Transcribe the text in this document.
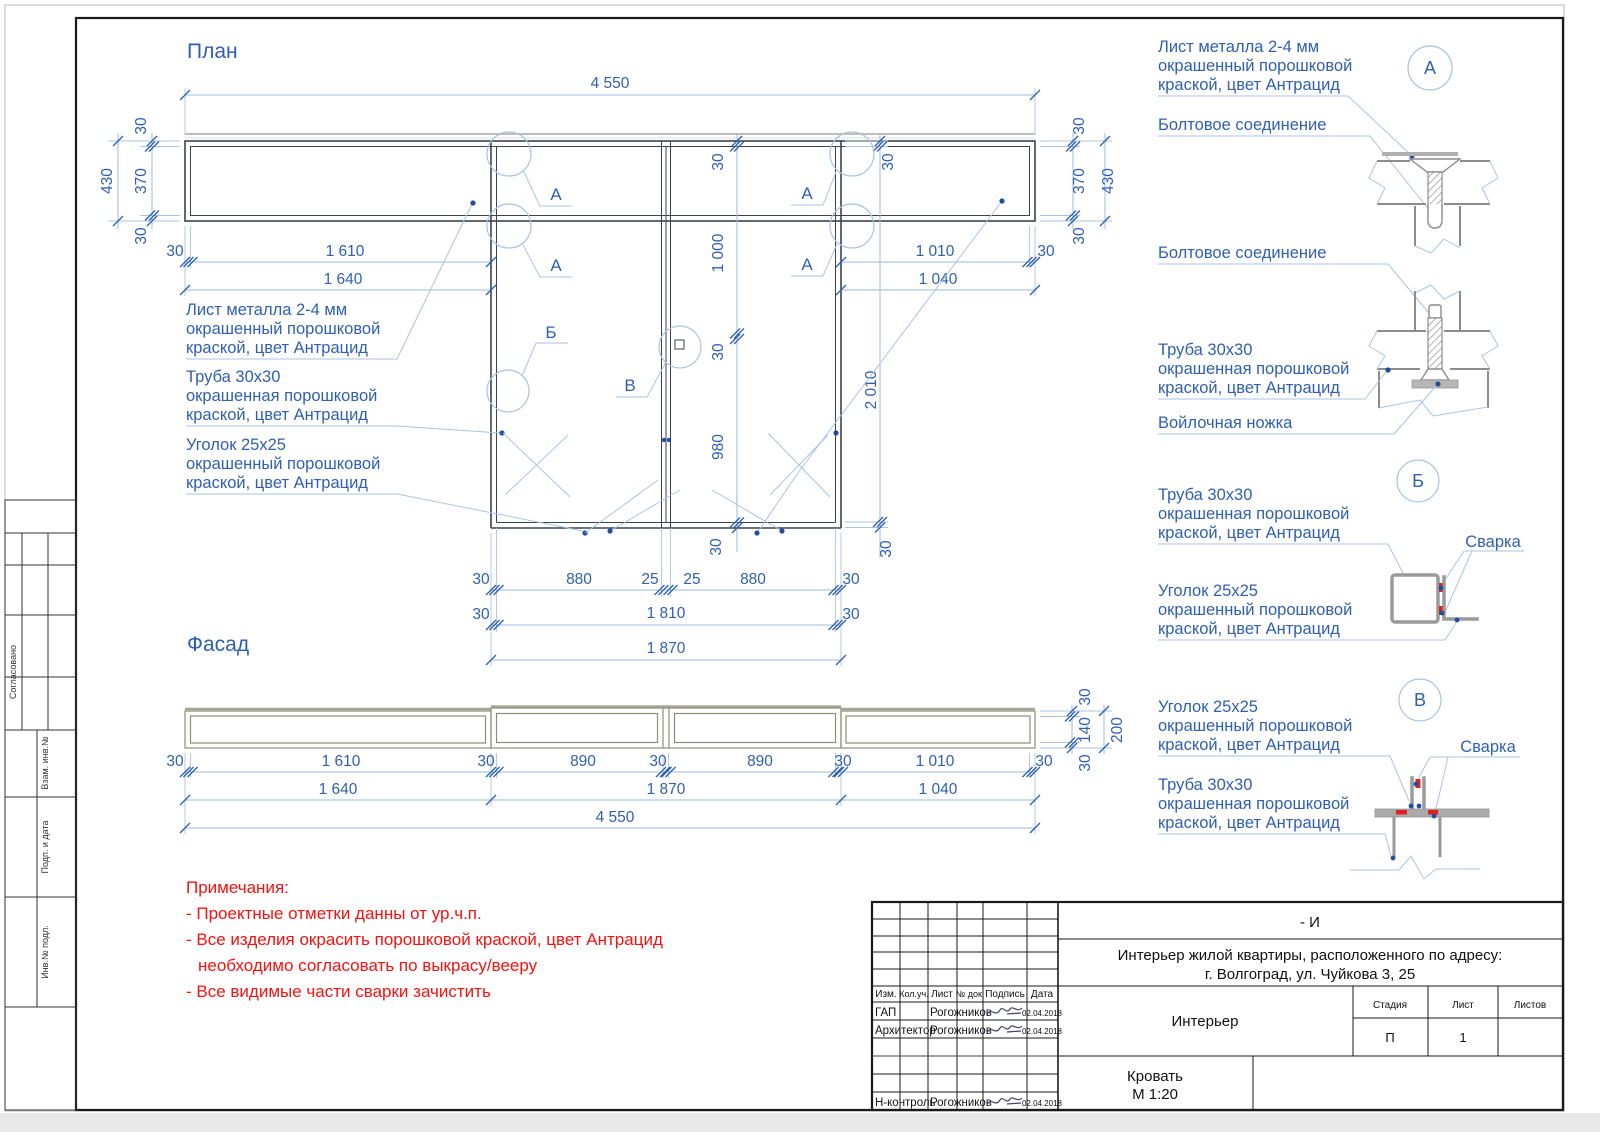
Согласовано
Взам. инв.№
Подп. и дата
Инв.№ подл.
План
4 550
30
370
430
30
30
370 430
30
30	1 610
1 640
1 010	30
1 040
30
1 000
30
980
30
30
2 010
30
30	880	25 25	880	30
30	1 810	30
1 870
А
А
А
А
Б
В
Лист металла 2-4 мм
окрашенный порошковой
краской, цвет Антрацид
Труба 30х30
окрашенная порошковой
краской, цвет Антрацид
Уголок 25х25
окрашенный порошковой
краской, цвет Антрацид
Фасад
30	1 610	30	890	30	890	30	1 010	30
1 640	1 870	1 040
4 550
30
140
30
200
А
Лист металла 2-4 мм
окрашенный порошковой
краской, цвет Антрацид
Болтовое соединение
Болтовое соединение
Труба 30х30
окрашенная порошковой
краской, цвет Антрацид
Войлочная ножка
Б
Труба 30х30
окрашенная порошковой
краской, цвет Антрацид	Сварка
Уголок 25х25
окрашенный порошковой
краской, цвет Антрацид
В
Уголок 25х25
окрашенный порошковой
краской, цвет Антрацид	Сварка
Труба 30х30
окрашенная порошковой
краской, цвет Антрацид
Примечания:
- Проектные отметки данны от ур.ч.п.
- Все изделия окрасить порошковой краской, цвет Антрацид
необходимо согласовать по выкрасу/вееру
- Все видимые части сварки зачистить	Изм. Кол.уч. Лист № док. Подпись Дата
ГАП	Рогожников	02.04.2018
Архитектор
Рогожников	02.04.2018
Н-контроль
Рогожников	02.04.2018
- И
Интерьер жилой квартиры, расположенного по адресу:
г. Волгоград, ул. Чуйкова 3, 25
Интерьер
Стадия	Лист	Листов
П	1
Кровать
М 1:20
